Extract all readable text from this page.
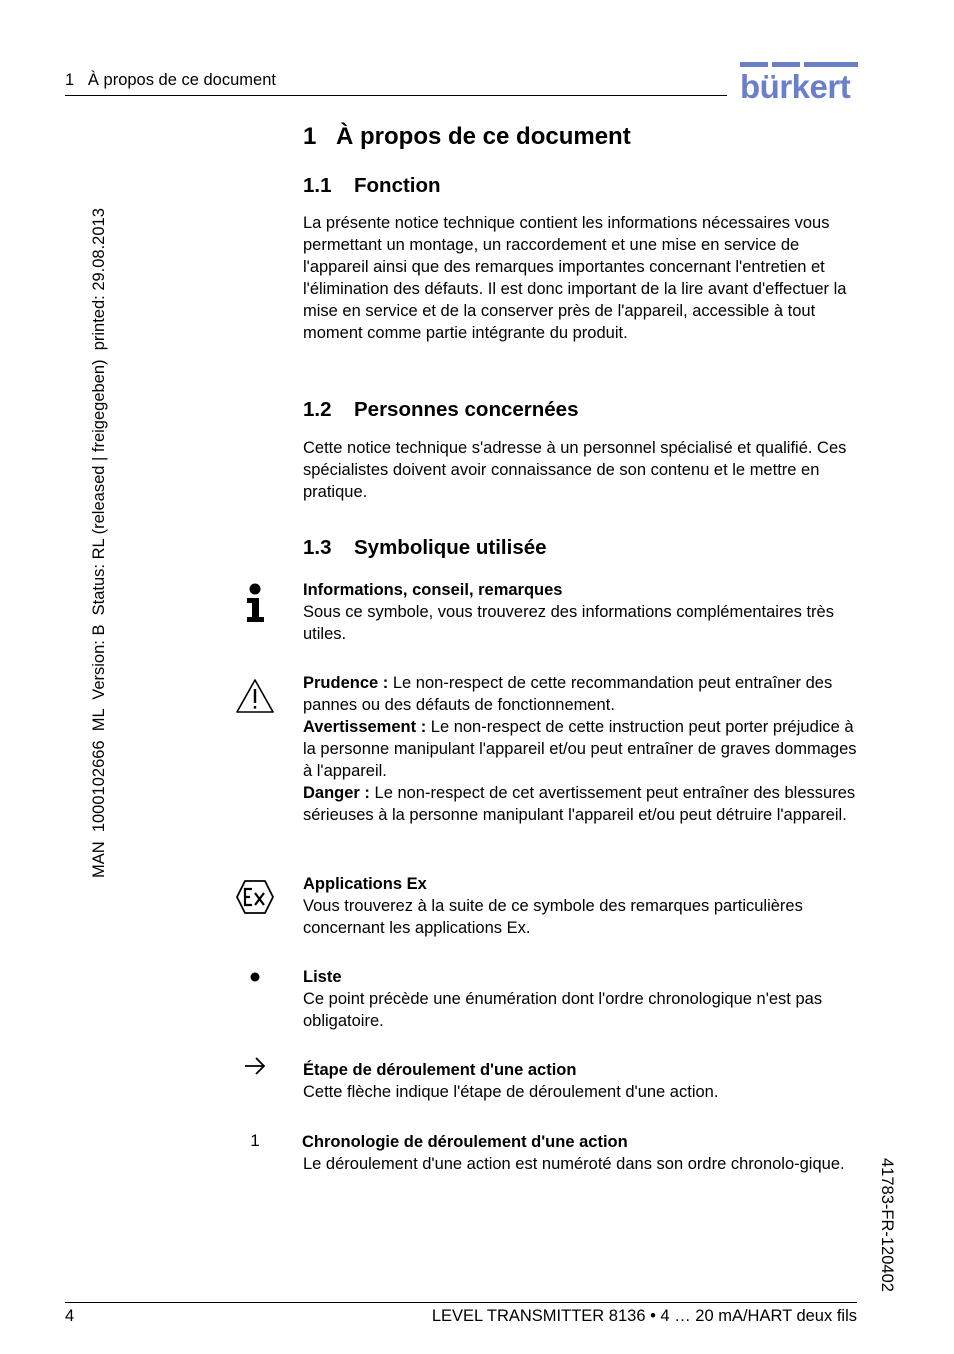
1   À propos de ce document	bürkert
1 À propos de ce document
1.1 Fonction
La présente notice technique contient les informations nécessaires vous permettant un montage, un raccordement et une mise en service de l'appareil ainsi que des remarques importantes concernant l'entretien et l'élimination des défauts. Il est donc important de la lire avant d'effectuer la mise en service et de la conserver près de l'appareil, accessible à tout moment comme partie intégrante du produit.
1.2 Personnes concernées
Cette notice technique s'adresse à un personnel spécialisé et qualifié. Ces spécialistes doivent avoir connaissance de son contenu et le mettre en pratique.
1.3 Symbolique utilisée

Informations, conseil, remarques

Sous ce symbole, vous trouverez des informations complémentaires très utiles.

Prudence : Le non-respect de cette recommandation peut entraîner des pannes ou des défauts de fonctionnement.

Avertissement : Le non-respect de cette instruction peut porter préjudice à la personne manipulant l'appareil et/ou peut entraîner de graves dommages à l'appareil.

Danger : Le non-respect de cet avertissement peut entraîner des blessures sérieuses à la personne manipulant l'appareil et/ou peut détruire l'appareil.

Applications Ex

Vous trouverez à la suite de ce symbole des remarques particulières concernant les applications Ex.

Liste

Ce point précède une énumération dont l'ordre chronologique n'est pas obligatoire.

Étape de déroulement d'une action

Cette flèche indique l'étape de déroulement d'une action.

1	Chronologie de déroulement d'une action

Le déroulement d'une action est numéroté dans son ordre chronolo-gique.

MAN  1000102666  ML  Version: B  Status: RL (released | freigegeben)  printed: 29.08.2013
41783-FR-120402
4	LEVEL TRANSMITTER 8136 • 4 … 20 mA/HART deux fils
